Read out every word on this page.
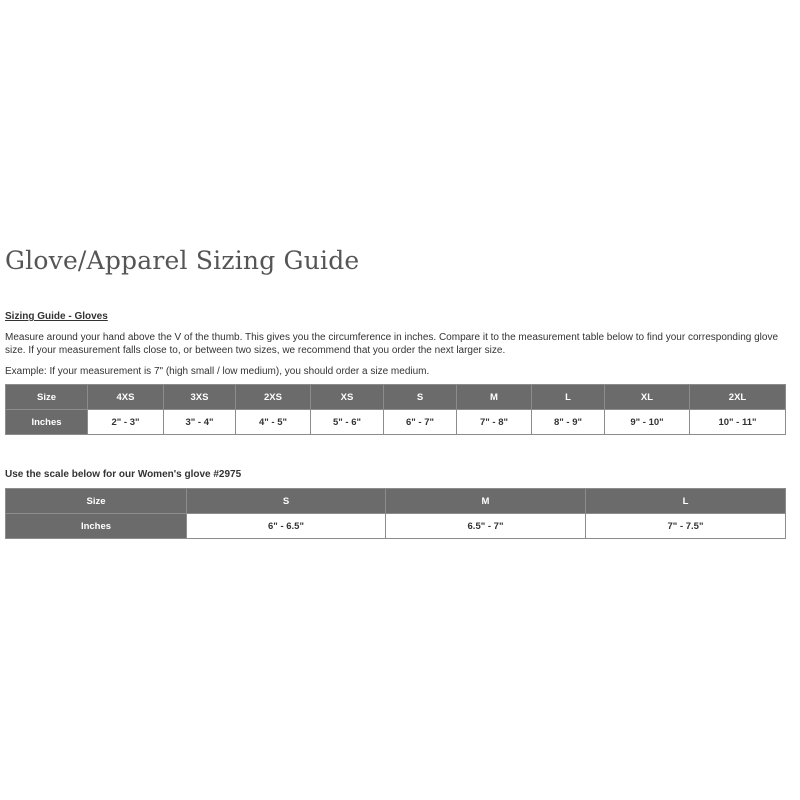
Glove/Apparel Sizing Guide
Sizing Guide - Gloves

Measure around your hand above the V of the thumb. This gives you the circumference in inches. Compare it to the measurement table below to find your corresponding glove size. If your measurement falls close to, or between two sizes, we recommend that you order the next larger size.

Example: If your measurement is 7" (high small / low medium), you should order a size medium.

Size	4XS	3XS	2XS	XS	S	M	L	XL	2XL
Inches	2" - 3"	3" - 4"	4" - 5"	5" - 6"	6" - 7"	7" - 8"	8" - 9"	9" - 10"	10" - 11"
Use the scale below for our Women's glove #2975
Size	S	M	L
Inches	6" - 6.5"	6.5" - 7"	7" - 7.5"
